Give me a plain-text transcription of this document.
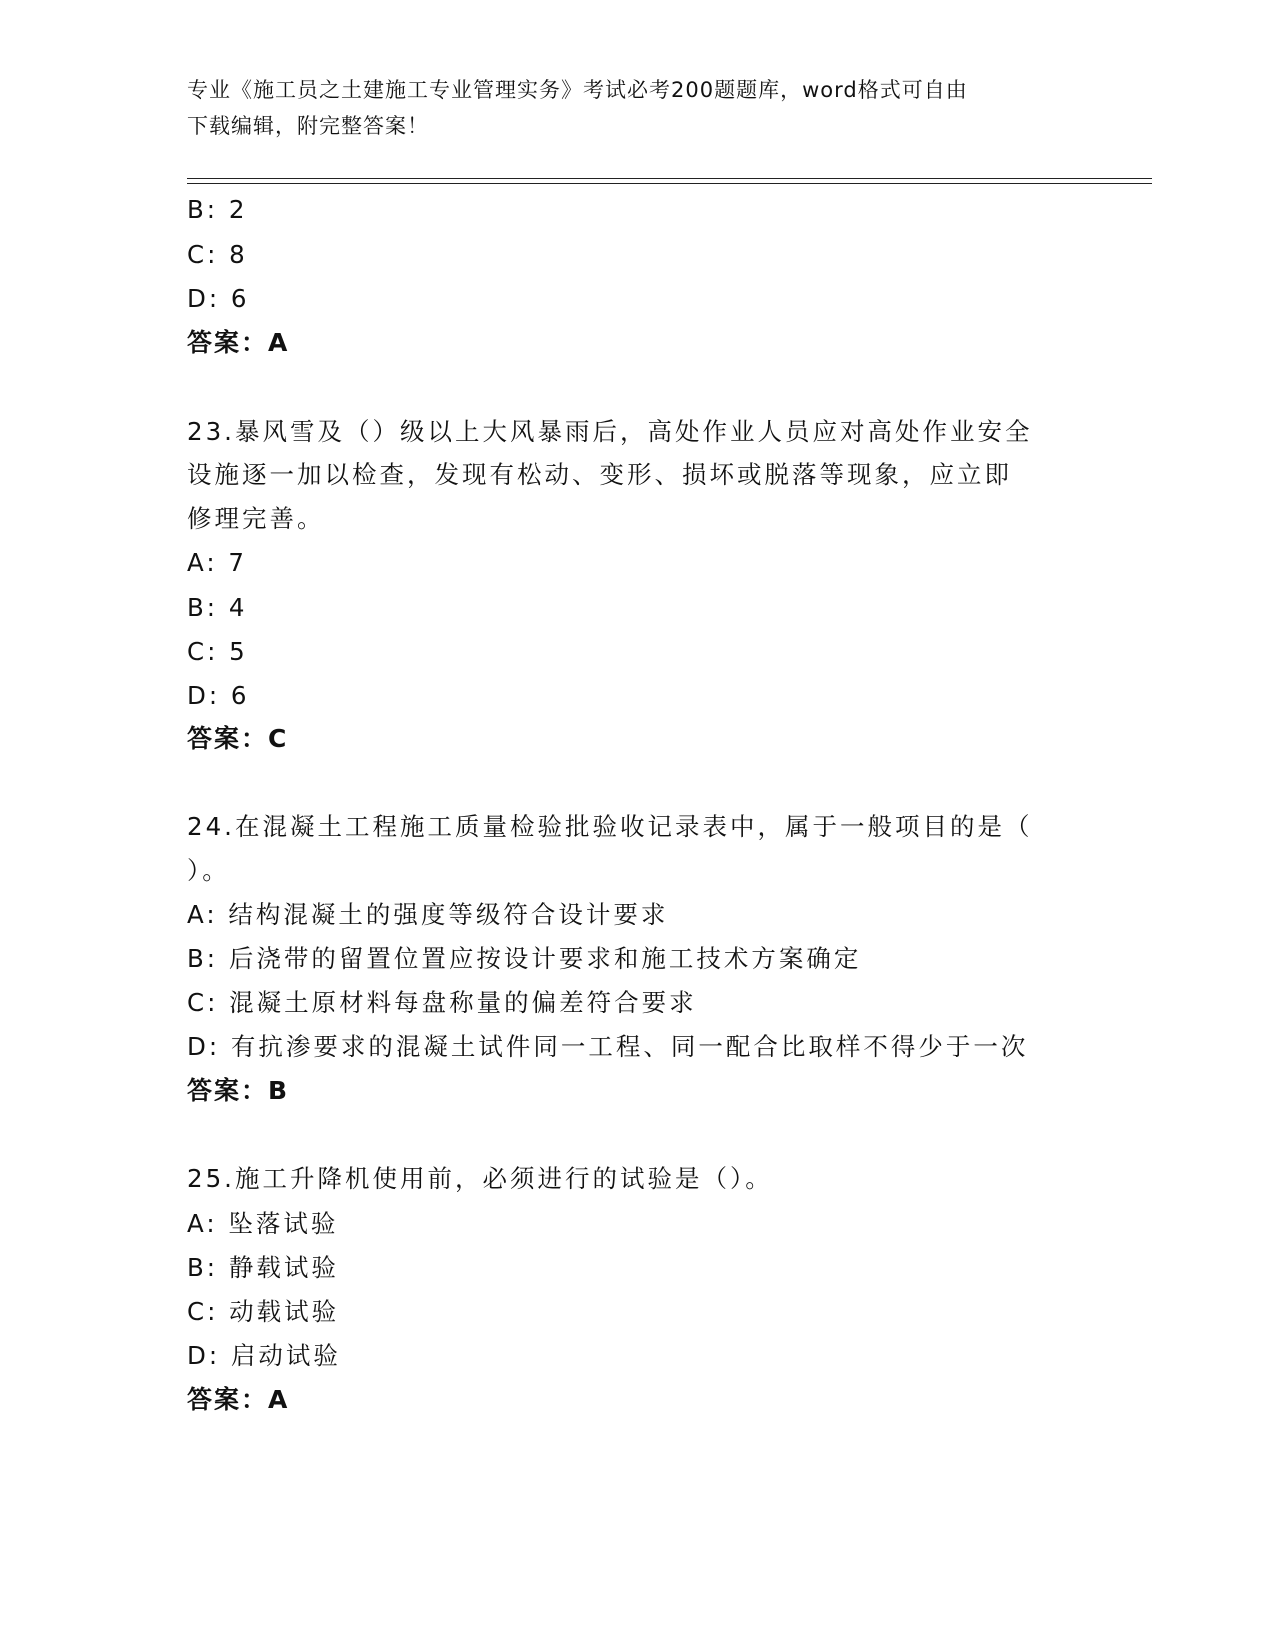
专业《施工员之土建施工专业管理实务》考试必考200题题库，word格式可自由
下载编辑，附完整答案！
B: 2
C: 8
D: 6
答案：A
23.暴风雪及（）级以上大风暴雨后，高处作业人员应对高处作业安全
设施逐一加以检查，发现有松动、变形、损坏或脱落等现象，应立即
修理完善。
A: 7
B: 4
C: 5
D: 6
答案：C
24.在混凝土工程施工质量检验批验收记录表中，属于一般项目的是（
）。
A: 结构混凝土的强度等级符合设计要求
B: 后浇带的留置位置应按设计要求和施工技术方案确定
C: 混凝土原材料每盘称量的偏差符合要求
D: 有抗渗要求的混凝土试件同一工程、同一配合比取样不得少于一次
答案：B
25.施工升降机使用前，必须进行的试验是（）。
A: 坠落试验
B: 静载试验
C: 动载试验
D: 启动试验
答案：A
